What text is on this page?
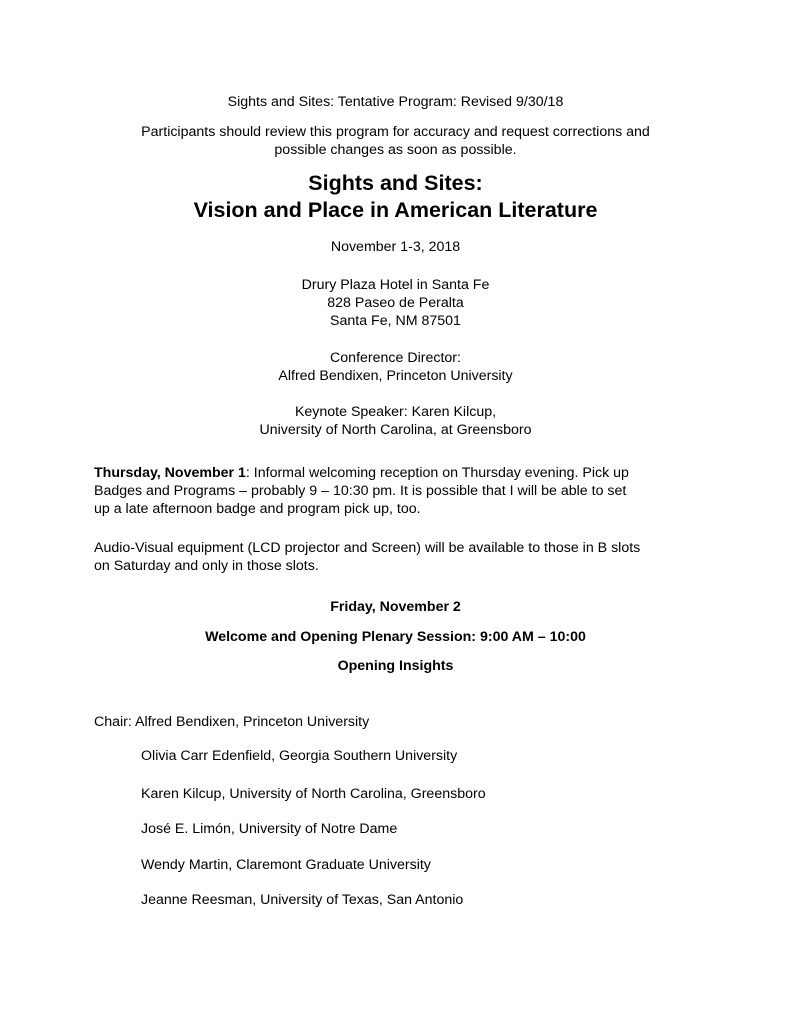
Sights and Sites: Tentative Program: Revised 9/30/18
Participants should review this program for accuracy and request corrections and
possible changes as soon as possible.
Sights and Sites:
Vision and Place in American Literature
November 1-3, 2018
Drury Plaza Hotel in Santa Fe
828 Paseo de Peralta
Santa Fe, NM 87501
Conference Director:
Alfred Bendixen, Princeton University
Keynote Speaker: Karen Kilcup,
University of North Carolina, at Greensboro
Thursday, November 1: Informal welcoming reception on Thursday evening. Pick up
Badges and Programs – probably 9 – 10:30 pm. It is possible that I will be able to set
up a late afternoon badge and program pick up, too.
Audio-Visual equipment (LCD projector and Screen) will be available to those in B slots
on Saturday and only in those slots.
Friday, November 2
Welcome and Opening Plenary Session: 9:00 AM – 10:00
Opening Insights
Chair: Alfred Bendixen, Princeton University
Olivia Carr Edenfield, Georgia Southern University
Karen Kilcup, University of North Carolina, Greensboro
José E. Limón, University of Notre Dame
Wendy Martin, Claremont Graduate University
Jeanne Reesman, University of Texas, San Antonio
